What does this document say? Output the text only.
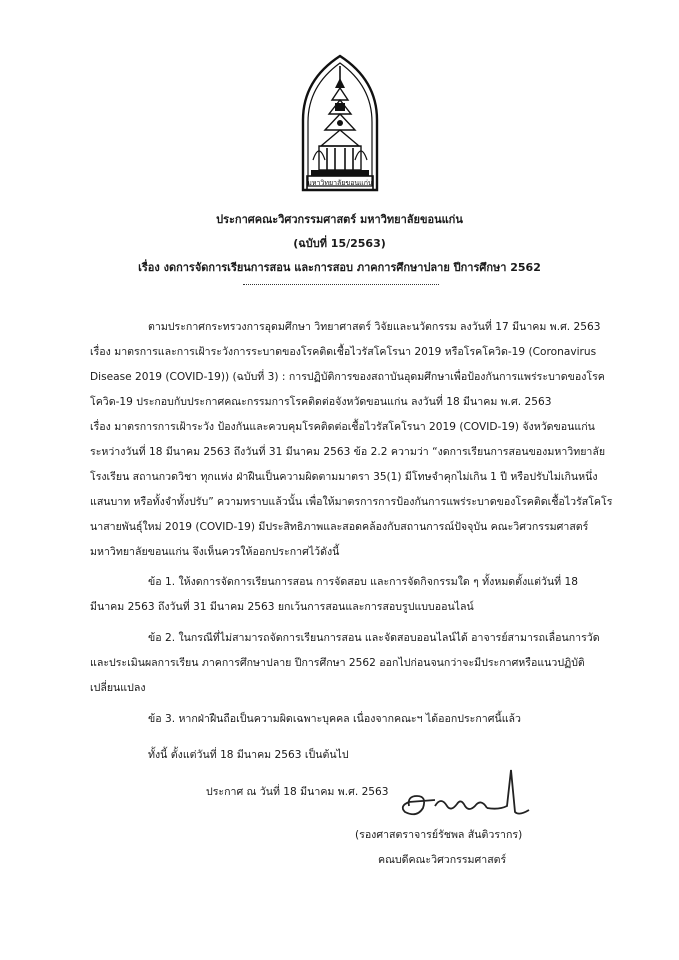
มหาวิทยาลัยขอนแก่น
ประกาศคณะวิศวกรรมศาสตร์ มหาวิทยาลัยขอนแก่น
(ฉบับที่ 15/2563)
เรื่อง งดการจัดการเรียนการสอน และการสอบ ภาคการศึกษาปลาย ปีการศึกษา 2562
ตามประกาศกระทรวงการอุดมศึกษา วิทยาศาสตร์ วิจัยและนวัตกรรม ลงวันที่ 17 มีนาคม พ.ศ. 2563
เรื่อง มาตรการและการเฝ้าระวังการระบาดของโรคติดเชื้อไวรัสโคโรนา 2019 หรือโรคโควิด-19 (Coronavirus
Disease 2019 (COVID-19)) (ฉบับที่ 3) : การปฏิบัติการของสถาบันอุดมศึกษาเพื่อป้องกันการแพร่ระบาดของโรค
โควิด-19 ประกอบกับประกาศคณะกรรมการโรคติดต่อจังหวัดขอนแก่น ลงวันที่ 18 มีนาคม พ.ศ. 2563
เรื่อง มาตรการการเฝ้าระวัง ป้องกันและควบคุมโรคติดต่อเชื้อไวรัสโคโรนา 2019 (COVID-19) จังหวัดขอนแก่น
ระหว่างวันที่ 18 มีนาคม 2563 ถึงวันที่ 31 มีนาคม 2563 ข้อ 2.2 ความว่า “งดการเรียนการสอนของมหาวิทยาลัย
โรงเรียน สถานกวดวิชา ทุกแห่ง ฝ่าฝืนเป็นความผิดตามมาตรา 35(1) มีโทษจำคุกไม่เกิน 1 ปี หรือปรับไม่เกินหนึ่ง
แสนบาท หรือทั้งจำทั้งปรับ” ความทราบแล้วนั้น เพื่อให้มาตรการการป้องกันการแพร่ระบาดของโรคติดเชื้อไวรัสโคโร
นาสายพันธุ์ใหม่ 2019 (COVID-19) มีประสิทธิภาพและสอดคล้องกับสถานการณ์ปัจจุบัน คณะวิศวกรรมศาสตร์
มหาวิทยาลัยขอนแก่น จึงเห็นควรให้ออกประกาศไว้ดังนี้
ข้อ 1. ให้งดการจัดการเรียนการสอน การจัดสอบ และการจัดกิจกรรมใด ๆ ทั้งหมดตั้งแต่วันที่ 18
มีนาคม 2563 ถึงวันที่ 31 มีนาคม 2563 ยกเว้นการสอนและการสอบรูปแบบออนไลน์
ข้อ 2. ในกรณีที่ไม่สามารถจัดการเรียนการสอน และจัดสอบออนไลน์ได้ อาจารย์สามารถเลื่อนการวัด
และประเมินผลการเรียน ภาคการศึกษาปลาย ปีการศึกษา 2562 ออกไปก่อนจนกว่าจะมีประกาศหรือแนวปฏิบัติ
เปลี่ยนแปลง
ข้อ 3. หากฝ่าฝืนถือเป็นความผิดเฉพาะบุคคล เนื่องจากคณะฯ ได้ออกประกาศนี้แล้ว
ทั้งนี้ ตั้งแต่วันที่ 18 มีนาคม 2563 เป็นต้นไป
ประกาศ ณ วันที่ 18 มีนาคม พ.ศ. 2563
(รองศาสตราจารย์รัชพล สันติวรากร)
คณบดีคณะวิศวกรรมศาสตร์
